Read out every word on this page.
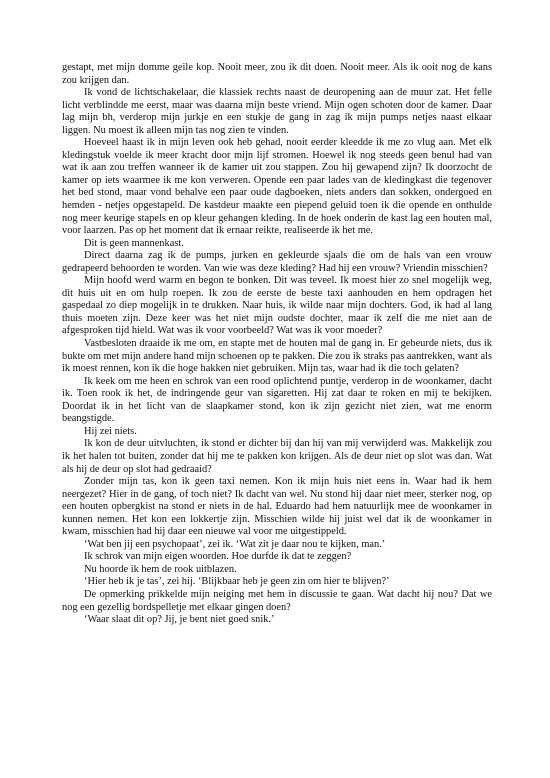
gestapt, met mijn domme geile kop. Nooit meer, zou ik dit doen. Nooit meer. Als ik ooit nog de kans zou krijgen dan.

Ik vond de lichtschakelaar, die klassiek rechts naast de deuropening aan de muur zat. Het felle licht verblindde me eerst, maar was daarna mijn beste vriend. Mijn ogen schoten door de kamer. Daar lag mijn bh, verderop mijn jurkje en een stukje de gang in zag ik mijn pumps netjes naast elkaar liggen. Nu moest ik alleen mijn tas nog zien te vinden.

Hoeveel haast ik in mijn leven ook heb gehad, nooit eerder kleedde ik me zo vlug aan. Met elk kledingstuk voelde ik meer kracht door mijn lijf stromen. Hoewel ik nog steeds geen benul had van wat ik aan zou treffen wanneer ik de kamer uit zou stappen. Zou hij gewapend zijn? Ik doorzocht de kamer op iets waarmee ik me kon verweren. Opende een paar lades van de kledingkast die tegenover het bed stond, maar vond behalve een paar oude dagboeken, niets anders dan sokken, ondergoed en hemden - netjes opgestapeld. De kastdeur maakte een piepend geluid toen ik die opende en onthulde nog meer keurige stapels en op kleur gehangen kleding. In de hoek onderin de kast lag een houten mal, voor laarzen. Pas op het moment dat ik ernaar reikte, realiseerde ik het me.

Dit is geen mannenkast.

Direct daarna zag ik de pumps, jurken en gekleurde sjaals die om de hals van een vrouw gedrapeerd behoorden te worden. Van wie was deze kleding? Had hij een vrouw? Vriendin misschien?

Mijn hoofd werd warm en begon te bonken. Dit was teveel. Ik moest hier zo snel mogelijk weg, dit huis uit en om hulp roepen. Ik zou de eerste de beste taxi aanhouden en hem opdragen het gaspedaal zo diep mogelijk in te drukken. Naar huis, ik wilde naar mijn dochters. God, ik had al lang thuis moeten zijn. Deze keer was het niet mijn oudste dochter, maar ik zelf die me niet aan de afgesproken tijd hield. Wat was ik voor voorbeeld? Wat was ik voor moeder?

Vastbesloten draaide ik me om, en stapte met de houten mal de gang in. Er gebeurde niets, dus ik bukte om met mijn andere hand mijn schoenen op te pakken. Die zou ik straks pas aantrekken, want als ik moest rennen, kon ik die hoge hakken niet gebruiken. Mijn tas, waar had ik die toch gelaten?

Ik keek om me heen en schrok van een rood oplichtend puntje, verderop in de woonkamer, dacht ik. Toen rook ik het, de indringende geur van sigaretten. Hij zat daar te roken en mij te bekijken. Doordat ik in het licht van de slaapkamer stond, kon ik zijn gezicht niet zien, wat me enorm beangstigde.

Hij zei niets.

Ik kon de deur uitvluchten, ik stond er dichter bij dan hij van mij verwijderd was. Makkelijk zou ik het halen tot buiten, zonder dat hij me te pakken kon krijgen. Als de deur niet op slot was dan. Wat als hij de deur op slot had gedraaid?

Zonder mijn tas, kon ik geen taxi nemen. Kon ik mijn huis niet eens in. Waar had ik hem neergezet? Hier in de gang, of toch niet? Ik dacht van wel. Nu stond hij daar niet meer, sterker nog, op een houten opbergkist na stond er niets in de hal. Eduardo had hem natuurlijk mee de woonkamer in kunnen nemen. Het kon een lokkertje zijn. Misschien wilde hij juist wel dat ik de woonkamer in kwam, misschien had hij daar een nieuwe val voor me uitgestippeld.

‘Wat ben jij een psychopaat’, zei ik. ‘Wat zit je daar nou te kijken, man.’

Ik schrok van mijn eigen woorden. Hoe durfde ik dat te zeggen?

Nu hoorde ik hem de rook uitblazen.

‘Hier heb ik je tas’, zei hij. ‘Blijkbaar heb je geen zin om hier te blijven?’

De opmerking prikkelde mijn neiging met hem in discussie te gaan. Wat dacht hij nou? Dat we nog een gezellig bordspelletje met elkaar gingen doen?

‘Waar slaat dit op? Jij, je bent niet goed snik.’
